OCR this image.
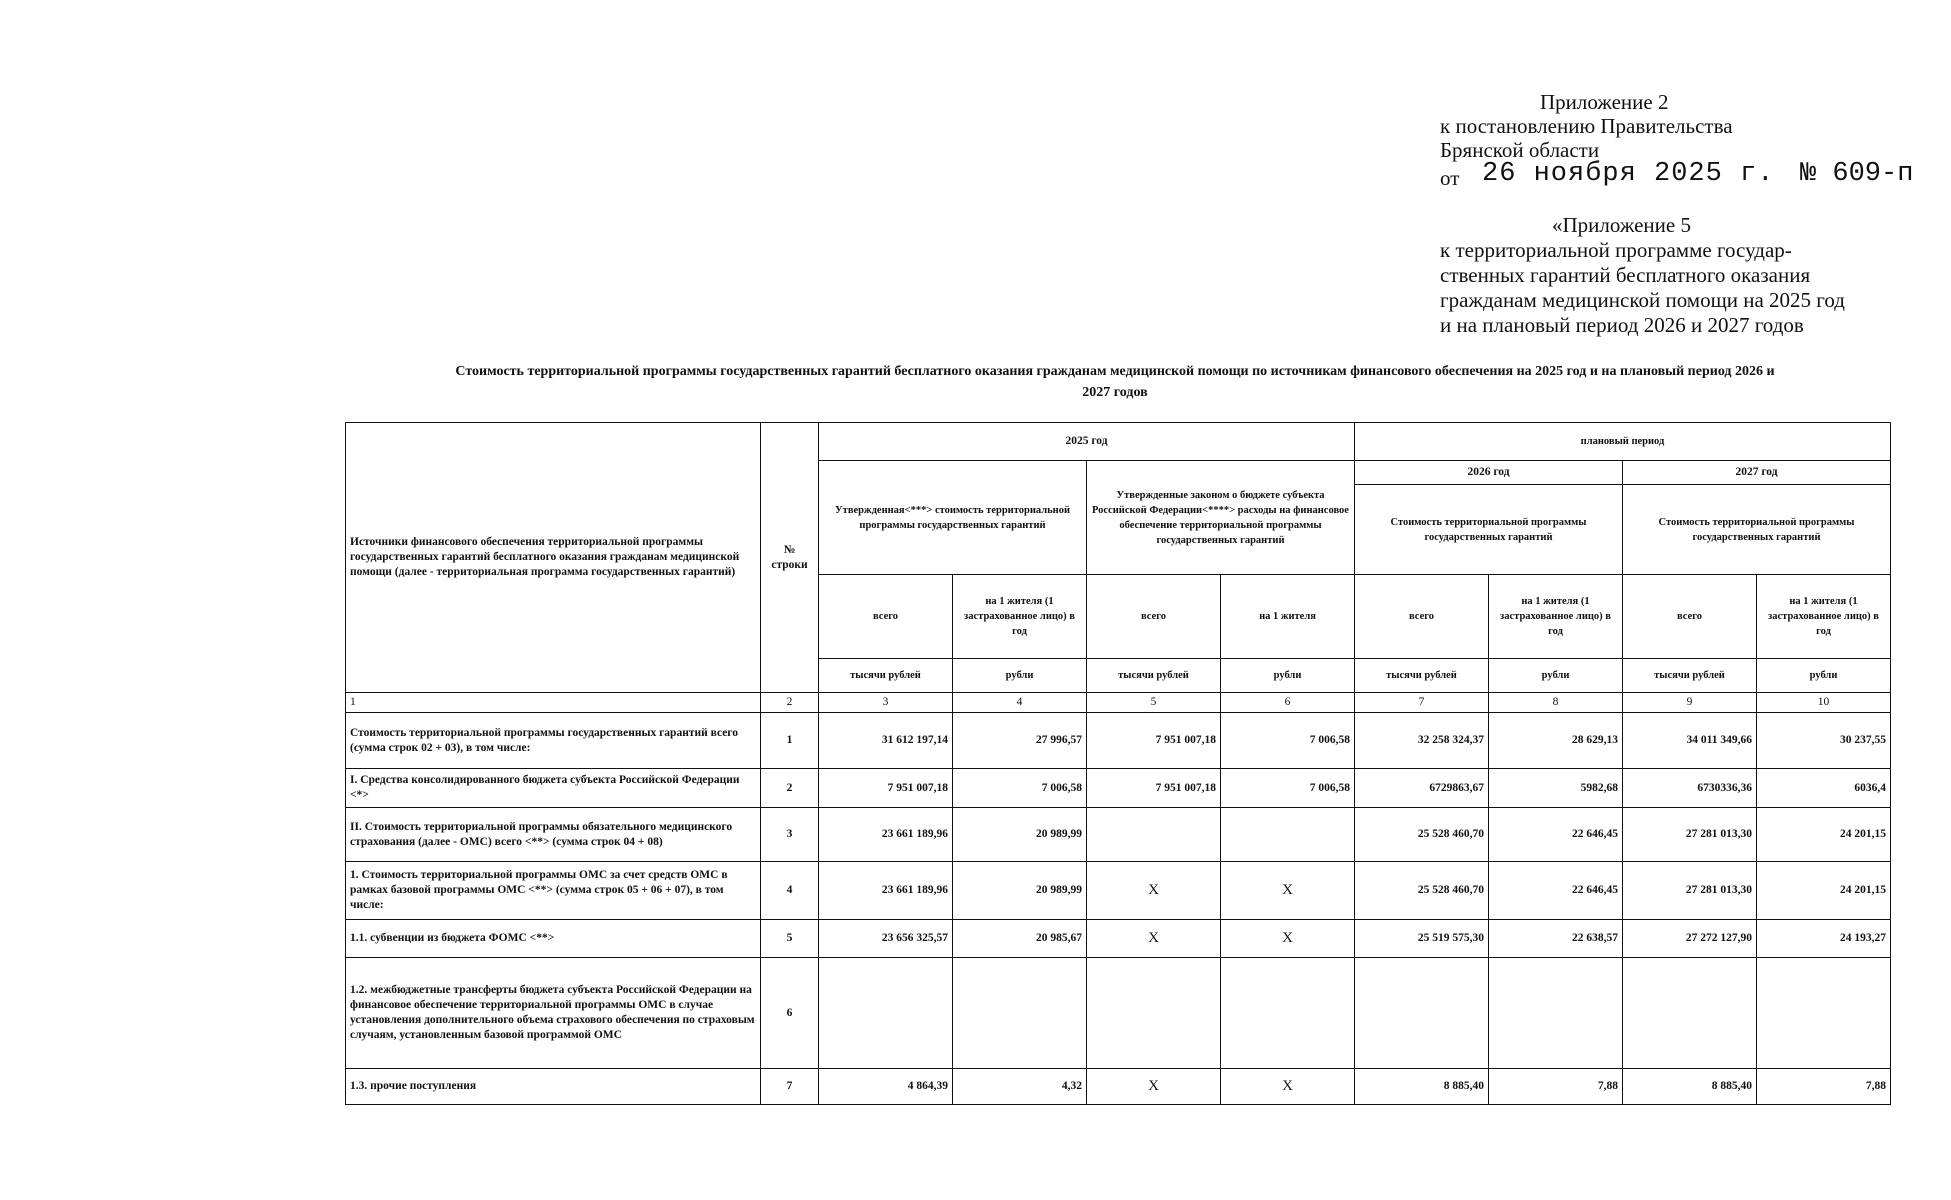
Приложение 2
к постановлению Правительства
Брянской области
от 26 ноября 2025 г. № 609-п
«Приложение 5
к территориальной программе государ-
ственных гарантий бесплатного оказания
гражданам медицинской помощи на 2025 год
и на плановый период 2026 и 2027 годов
Стоимость территориальной программы государственных гарантий бесплатного оказания гражданам медицинской помощи по источникам финансового обеспечения на 2025 год и на плановый период 2026 и
2027 годов
Источники финансового обеспечения территориальной программы государственных гарантий бесплатного оказания гражданам медицинской помощи (далее - территориальная программа государственных гарантий)	№ строки	2025 год				плановый период			
		Утвержденная<***> стоимость территориальной программы государственных гарантий		Утвержденные законом о бюджете субъекта Российской Федерации<****> расходы на финансовое обеспечение территориальной программы государственных гарантий		2026 год		2027 год	
						Стоимость территориальной программы государственных гарантий		Стоимость территориальной программы государственных гарантий	
		всего	на 1 жителя (1 застрахованное лицо) в год	всего	на 1 жителя	всего	на 1 жителя (1 застрахованное лицо) в год	всего	на 1 жителя (1 застрахованное лицо) в год
		тысячи рублей	рубли	тысячи рублей	рубли	тысячи рублей	рубли	тысячи рублей	рубли
1	2	3	4	5	6	7	8	9	10
Стоимость территориальной программы государственных гарантий всего (сумма строк 02 + 03), в том числе:	1	31 612 197,14	27 996,57	7 951 007,18	7 006,58	32 258 324,37	28 629,13	34 011 349,66	30 237,55
I. Средства консолидированного бюджета субъекта Российской Федерации <*>	2	7 951 007,18	7 006,58	7 951 007,18	7 006,58	6729863,67	5982,68	6730336,36	6036,4
II. Стоимость территориальной программы обязательного медицинского страхования (далее - ОМС) всего <**> (сумма строк 04 + 08)	3	23 661 189,96	20 989,99			25 528 460,70	22 646,45	27 281 013,30	24 201,15
1. Стоимость территориальной программы ОМС за счет средств ОМС в рамках базовой программы ОМС <**> (сумма строк 05 + 06 + 07), в том числе:	4	23 661 189,96	20 989,99	X	X	25 528 460,70	22 646,45	27 281 013,30	24 201,15
1.1. субвенции из бюджета ФОМС <**>	5	23 656 325,57	20 985,67	X	X	25 519 575,30	22 638,57	27 272 127,90	24 193,27
1.2. межбюджетные трансферты бюджета субъекта Российской Федерации на финансовое обеспечение территориальной программы ОМС в случае установления дополнительного объема страхового обеспечения по страховым случаям, установленным базовой программой ОМС	6								
1.3. прочие поступления	7	4 864,39	4,32	X	X	8 885,40	7,88	8 885,40	7,88
